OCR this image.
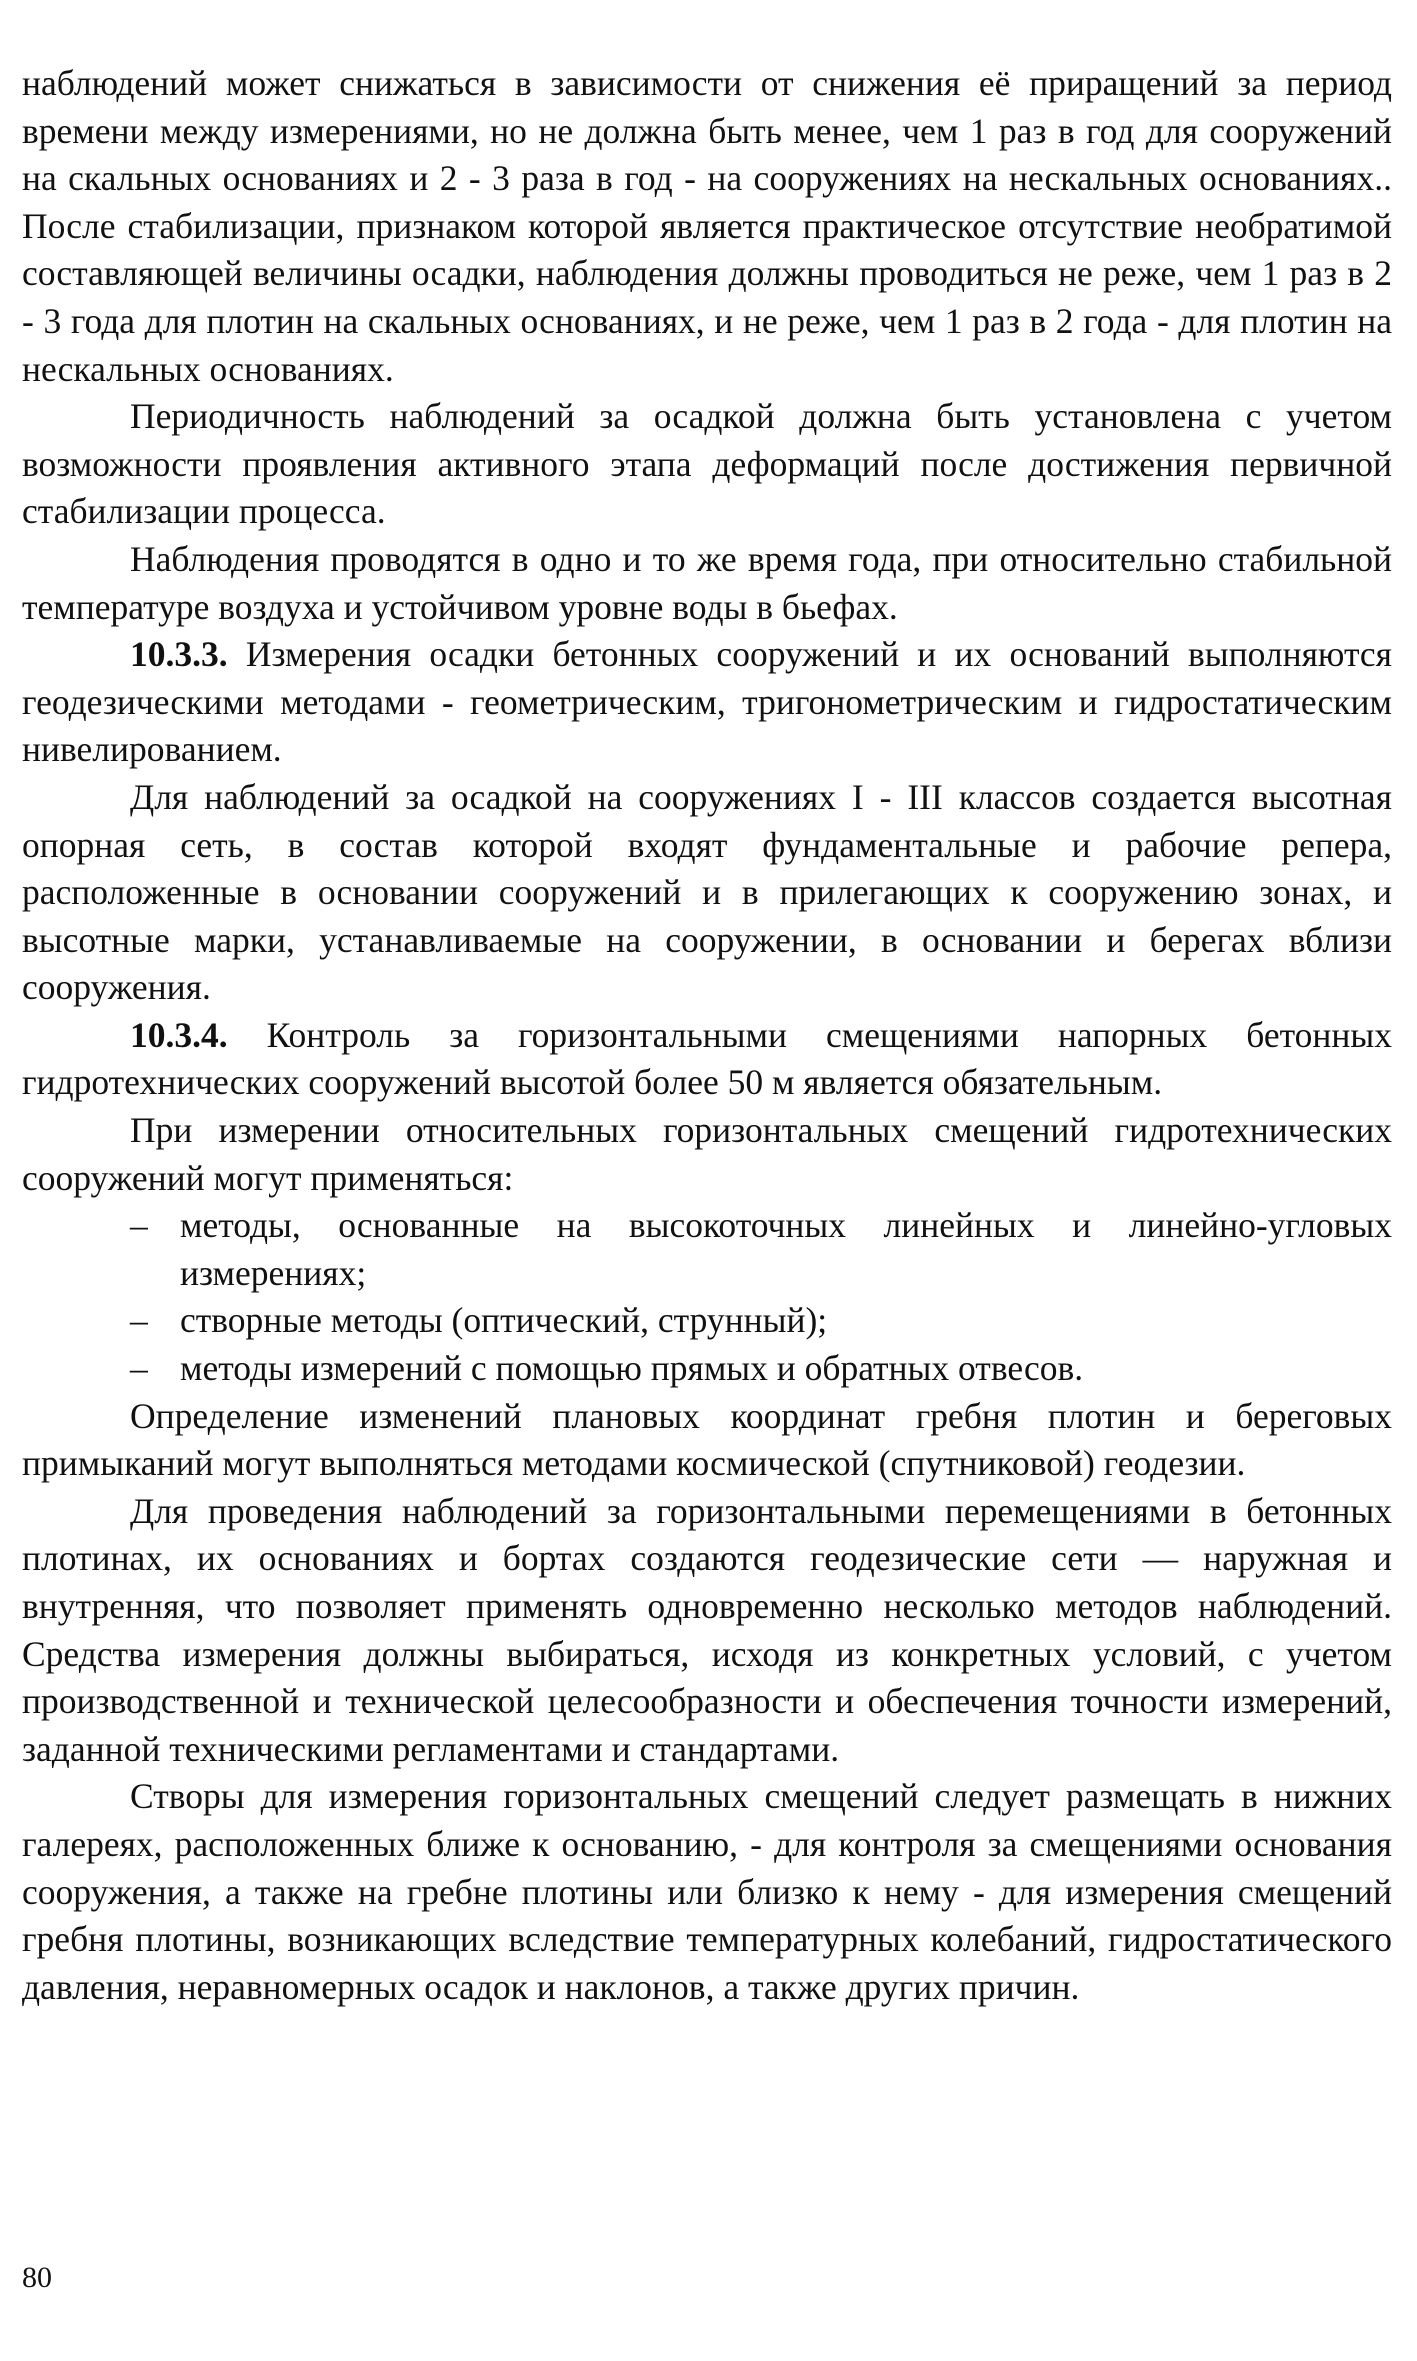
наблюдений может снижаться в зависимости от снижения её приращений за период времени между измерениями, но не должна быть менее, чем 1 раз в год для сооружений на скальных основаниях и 2 - 3 раза в год - на сооружениях на нескальных основаниях.. После стабилизации, признаком которой является практическое отсутствие необратимой составляющей величины осадки, наблюдения должны проводиться не реже, чем 1 раз в 2 - 3 года для плотин на скальных основаниях, и не реже, чем 1 раз в 2 года - для плотин на нескальных основаниях.

Периодичность наблюдений за осадкой должна быть установлена с учетом возможности проявления активного этапа деформаций после достижения первичной стабилизации процесса.

Наблюдения проводятся в одно и то же время года, при относительно стабильной температуре воздуха и устойчивом уровне воды в бьефах.

10.3.3. Измерения осадки бетонных сооружений и их оснований выполняются геодезическими методами - геометрическим, тригонометрическим и гидростатическим нивелированием.

Для наблюдений за осадкой на сооружениях I - III классов создается высотная опорная сеть, в состав которой входят фундаментальные и рабочие репера, расположенные в основании сооружений и в прилегающих к сооружению зонах, и высотные марки, устанавливаемые на сооружении, в основании и берегах вблизи сооружения.

10.3.4. Контроль за горизонтальными смещениями напорных бетонных гидротехнических сооружений высотой более 50 м является обязательным.

При измерении относительных горизонтальных смещений гидротехнических сооружений могут применяться:

– методы, основанные на высокоточных линейных и линейно-угловых измерениях;
– створные методы (оптический, струнный);
– методы измерений с помощью прямых и обратных отвесов.

Определение изменений плановых координат гребня плотин и береговых примыканий могут выполняться методами космической (спутниковой) геодезии.

Для проведения наблюдений за горизонтальными перемещениями в бетонных плотинах, их основаниях и бортах создаются геодезические сети — наружная и внутренняя, что позволяет применять одновременно несколько методов наблюдений. Средства измерения должны выбираться, исходя из конкретных условий, с учетом производственной и технической целесообразности и обеспечения точности измерений, заданной техническими регламентами и стандартами.

Створы для измерения горизонтальных смещений следует размещать в нижних галереях, расположенных ближе к основанию, - для контроля за смещениями основания сооружения, а также на гребне плотины или близко к нему - для измерения смещений гребня плотины, возникающих вследствие температурных колебаний, гидростатического давления, неравномерных осадок и наклонов, а также других причин.

80
